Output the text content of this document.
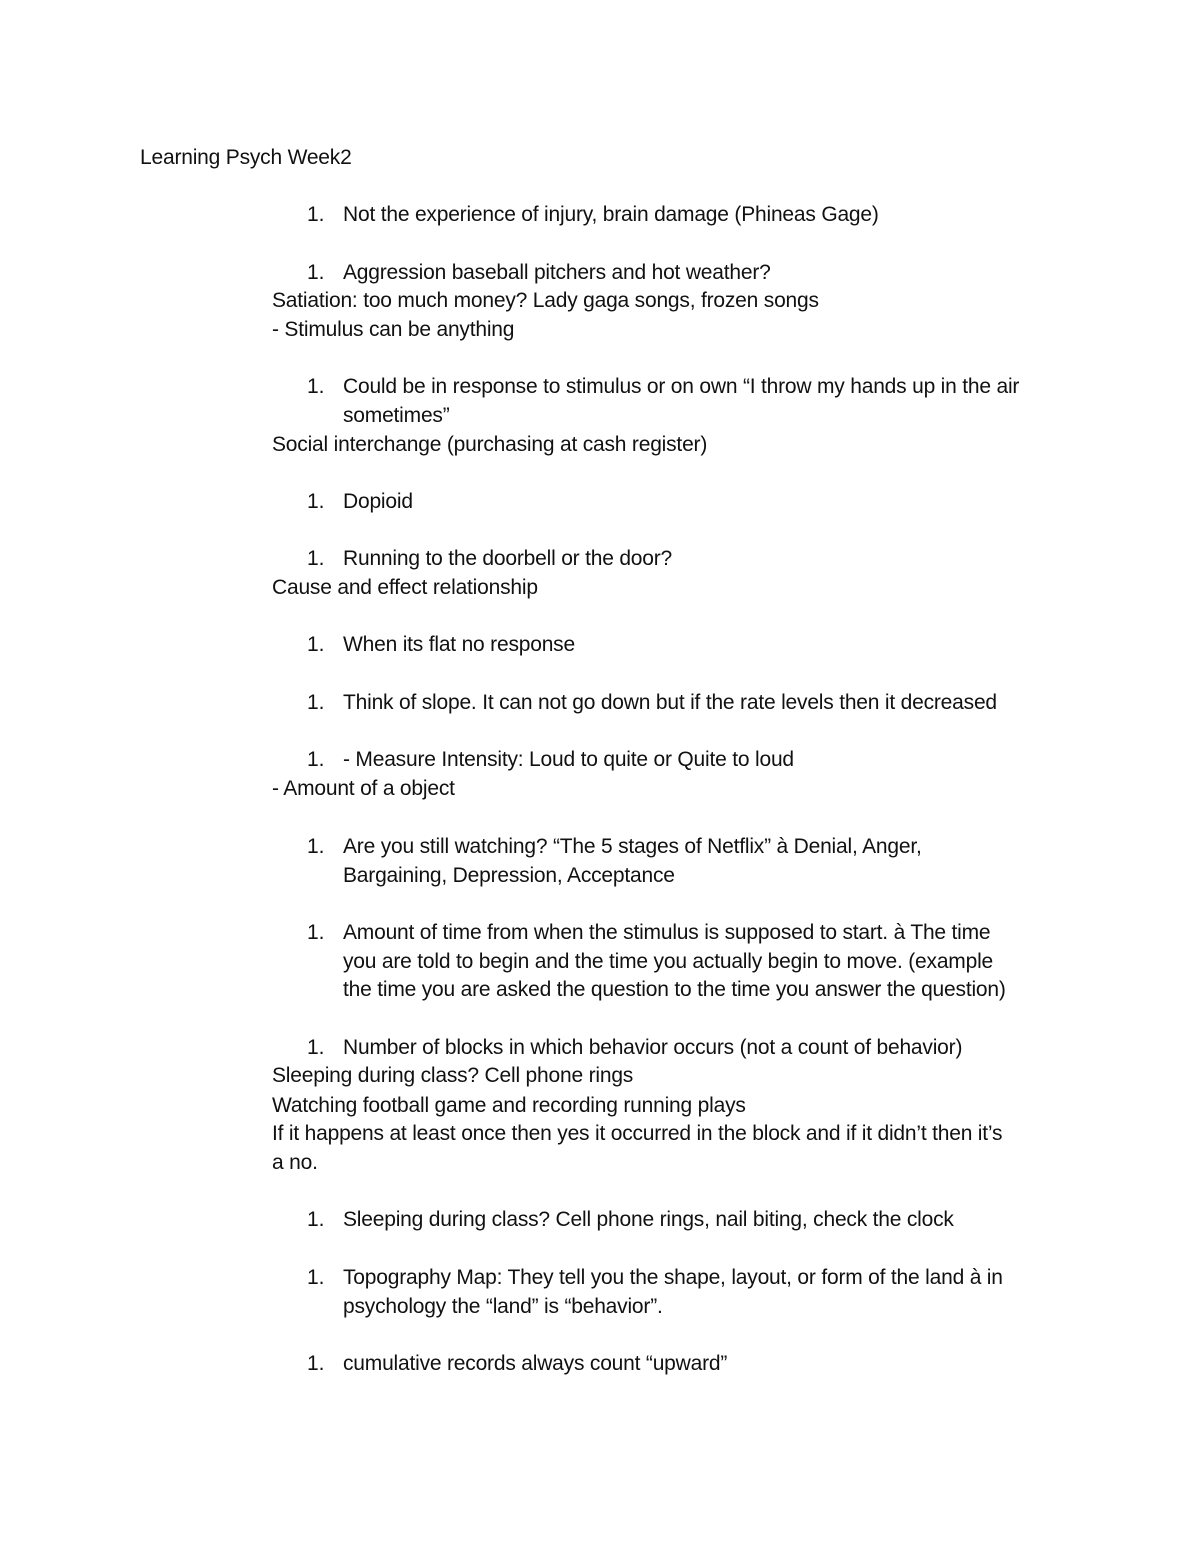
Learning Psych Week2
1. Not the experience of injury, brain damage (Phineas Gage)
1. Aggression baseball pitchers and hot weather?
Satiation: too much money? Lady gaga songs, frozen songs
- Stimulus can be anything
1. Could be in response to stimulus or on own “I throw my hands up in the air
sometimes”
Social interchange (purchasing at cash register)
1. Dopioid
1. Running to the doorbell or the door?
Cause and effect relationship
1. When its flat no response
1. Think of slope. It can not go down but if the rate levels then it decreased
1. - Measure Intensity: Loud to quite or Quite to loud
- Amount of a object
1. Are you still watching? “The 5 stages of Netflix” à Denial, Anger,
Bargaining, Depression, Acceptance
1. Amount of time from when the stimulus is supposed to start. à The time
you are told to begin and the time you actually begin to move. (example
the time you are asked the question to the time you answer the question)
1. Number of blocks in which behavior occurs (not a count of behavior)
Sleeping during class? Cell phone rings
Watching football game and recording running plays
If it happens at least once then yes it occurred in the block and if it didn’t then it’s
a no.
1. Sleeping during class? Cell phone rings, nail biting, check the clock
1. Topography Map: They tell you the shape, layout, or form of the land à in
psychology the “land” is “behavior”.
1. cumulative records always count “upward”
